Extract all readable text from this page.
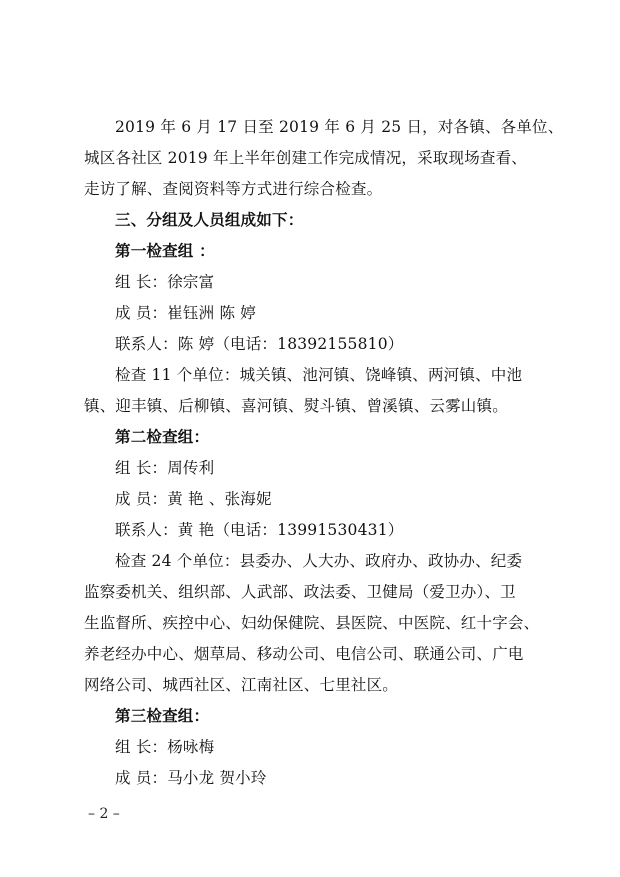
2019 年 6 月 17 日至 2019 年 6 月 25 日，对各镇、各单位、
城区各社区 2019 年上半年创建工作完成情况，采取现场查看、
走访了解、查阅资料等方式进行综合检查。
三、分组及人员组成如下：
第一检查组 ：
组 长：徐宗富
成 员：崔钰洲 陈 婷
联系人：陈 婷（电话：18392155810）
检查 11 个单位：城关镇、池河镇、饶峰镇、两河镇、中池
镇、迎丰镇、后柳镇、喜河镇、熨斗镇、曾溪镇、云雾山镇。
第二检查组：
组 长：周传利
成 员：黄 艳 、张海妮
联系人：黄 艳（电话：13991530431）
检查 24 个单位：县委办、人大办、政府办、政协办、纪委
监察委机关、组织部、人武部、政法委、卫健局（爱卫办）、卫
生监督所、疾控中心、妇幼保健院、县医院、中医院、红十字会、
养老经办中心、烟草局、移动公司、电信公司、联通公司、广电
网络公司、城西社区、江南社区、七里社区。
第三检查组：
组 长：杨咏梅
成 员：马小龙 贺小玲
– 2 –
